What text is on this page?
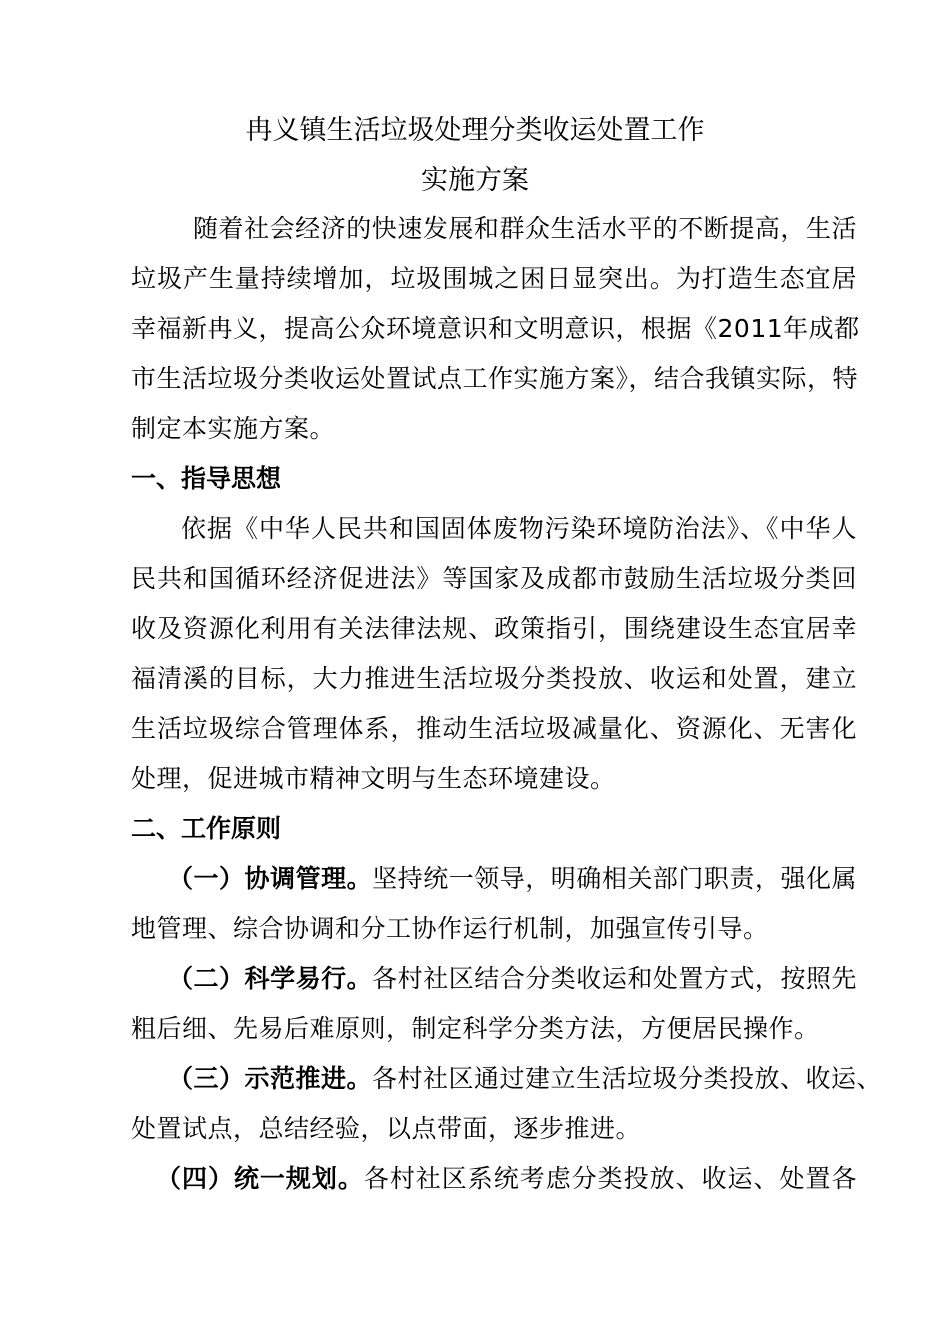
冉义镇生活垃圾处理分类收运处置工作
实施方案
随着社会经济的快速发展和群众生活水平的不断提高，生活
垃圾产生量持续增加，垃圾围城之困日显突出。为打造生态宜居
幸福新冉义，提高公众环境意识和文明意识，根据《2011年成都
市生活垃圾分类收运处置试点工作实施方案》，结合我镇实际，特
制定本实施方案。
一、指导思想
依据《中华人民共和国固体废物污染环境防治法》、《中华人
民共和国循环经济促进法》等国家及成都市鼓励生活垃圾分类回
收及资源化利用有关法律法规、政策指引，围绕建设生态宜居幸
福清溪的目标，大力推进生活垃圾分类投放、收运和处置，建立
生活垃圾综合管理体系，推动生活垃圾减量化、资源化、无害化
处理，促进城市精神文明与生态环境建设。
二、工作原则
（一）协调管理。坚持统一领导，明确相关部门职责，强化属
地管理、综合协调和分工协作运行机制，加强宣传引导。
（二）科学易行。各村社区结合分类收运和处置方式，按照先
粗后细、先易后难原则，制定科学分类方法，方便居民操作。
（三）示范推进。各村社区通过建立生活垃圾分类投放、收运、
处置试点，总结经验，以点带面，逐步推进。
（四）统一规划。各村社区系统考虑分类投放、收运、处置各
